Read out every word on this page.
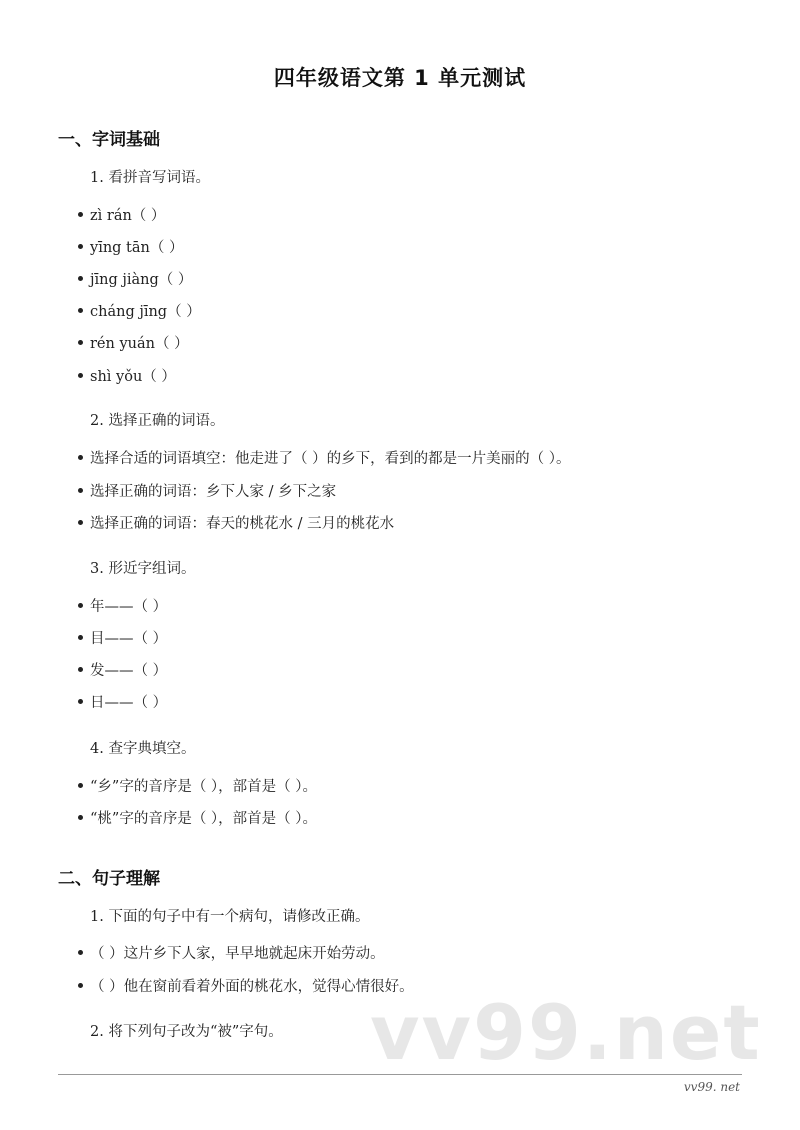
四年级语文第 1 单元测试
一、字词基础
1. 看拼音写词语。
zì rán（ ）
yīng tān（ ）
jīng jiàng（ ）
cháng jīng（ ）
rén yuán（ ）
shì yǒu（ ）
2. 选择正确的词语。
选择合适的词语填空：他走进了（ ）的乡下，看到的都是一片美丽的（ ）。
选择正确的词语：乡下人家 / 乡下之家
选择正确的词语：春天的桃花水 / 三月的桃花水
3. 形近字组词。
年——（ ）
目——（ ）
发——（ ）
日——（ ）
4. 查字典填空。
“乡”字的音序是（ ），部首是（ ）。
“桃”字的音序是（ ），部首是（ ）。
二、句子理解
1. 下面的句子中有一个病句，请修改正确。
（ ）这片乡下人家，早早地就起床开始劳动。
（ ）他在窗前看着外面的桃花水，觉得心情很好。
2. 将下列句子改为“被”字句。 vv99.net
vv99. net
